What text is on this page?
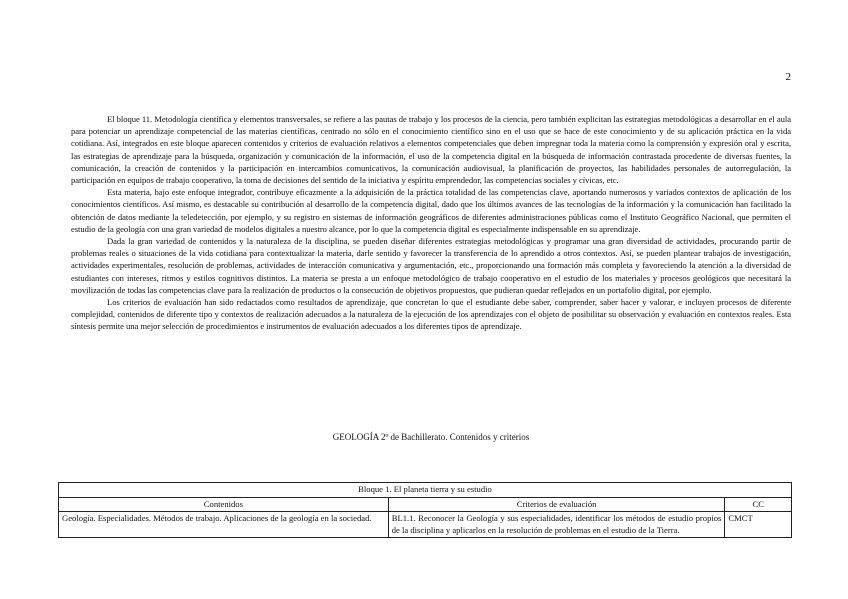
2

El bloque 11. Metodología científica y elementos transversales, se refiere a las pautas de trabajo y los procesos de la ciencia, pero también explicitan las estrategias metodológicas a desarrollar en el aula para potenciar un aprendizaje competencial de las materias científicas, centrado no sólo en el conocimiento científico sino en el uso que se hace de este conocimiento y de su aplicación práctica en la vida cotidiana. Así, integrados en este bloque aparecen contenidos y criterios de evaluación relativos a elementos competenciales que deben impregnar toda la materia como la comprensión y expresión oral y escrita, las estrategias de aprendizaje para la búsqueda, organización y comunicación de la información, el uso de la competencia digital en la búsqueda de información contrastada procedente de diversas fuentes, la comunicación, la creación de contenidos y la participación en intercambios comunicativos, la comunicación audiovisual, la planificación de proyectos, las habilidades personales de autorregulación, la participación en equipos de trabajo cooperativo, la toma de decisiones del sentido de la iniciativa y espíritu emprendedor, las competencias sociales y cívicas, etc.

Esta materia, bajo este enfoque integrador, contribuye eficazmente a la adquisición de la práctica totalidad de las competencias clave, aportando numerosos y variados contextos de aplicación de los conocimientos científicos. Así mismo, es destacable su contribución al desarrollo de la competencia digital, dado que los últimos avances de las tecnologías de la información y la comunicación han facilitado la obtención de datos mediante la teledetección, por ejemplo, y su registro en sistemas de información geográficos de diferentes administraciones públicas como el Instituto Geográfico Nacional, que permiten el estudio de la geología con una gran variedad de modelos digitales a nuestro alcance, por lo que la competencia digital es especialmente indispensable en su aprendizaje.

Dada la gran variedad de contenidos y la naturaleza de la disciplina, se pueden diseñar diferentes estrategias metodológicas y programar una gran diversidad de actividades, procurando partir de problemas reales o situaciones de la vida cotidiana para contextualizar la materia, darle sentido y favorecer la transferencia de lo aprendido a otros contextos. Así, se pueden plantear trabajos de investigación, actividades experimentales, resolución de problemas, actividades de interacción comunicativa y argumentación, etc., proporcionando una formación más completa y favoreciendo la atención a la diversidad de estudiantes con intereses, ritmos y estilos cognitivos distintos. La materia se presta a un enfoque metodológico de trabajo cooperativo en el estudio de los materiales y procesos geológicos que necesitará la movilización de todas las competencias clave para la realización de productos o la consecución de objetivos propuestos, que pudieran quedar reflejados en un portafolio digital, por ejemplo.

Los criterios de evaluación han sido redactados como resultados de aprendizaje, que concretan lo que el estudiante debe saber, comprender, saber hacer y valorar, e incluyen procesos de diferente complejidad, contenidos de diferente tipo y contextos de realización adecuados a la naturaleza de la ejecución de los aprendizajes con el objeto de posibilitar su observación y evaluación en contextos reales. Esta síntesis permite una mejor selección de procedimientos e instrumentos de evaluación adecuados a los diferentes tipos de aprendizaje.

GEOLOGÍA 2º de Bachillerato. Contenidos y criterios
Bloque 1. El planeta tierra y su estudio		
Contenidos	Criterios de evaluación	CC
Geología. Especialidades. Métodos de trabajo. Aplicaciones de la geología en la sociedad.	BL1.1. Reconocer la Geología y sus especialidades, identificar los métodos de estudio propios de la disciplina y aplicarlos en la resolución de problemas en el estudio de la Tierra.	CMCT
